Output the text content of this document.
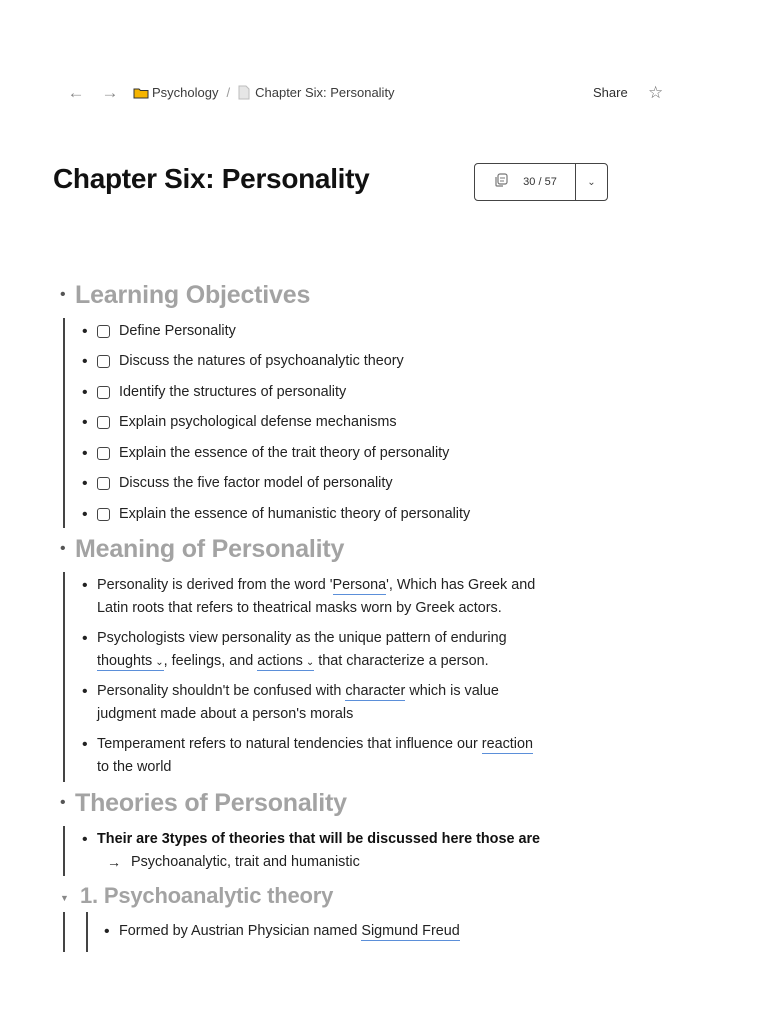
← →	Psychology / Chapter Six: Personality	Share ☆
Chapter Six: Personality	30 / 57	⌄
• Learning Objectives
• Define Personality
• Discuss the natures of psychoanalytic theory
• Identify the structures of personality
• Explain psychological defense mechanisms
• Explain the essence of the trait theory of personality
• Discuss the five factor model of personality
• Explain the essence of humanistic theory of personality
• Meaning of Personality
• Personality is derived from the word 'Persona', Which has Greek and
Latin roots that refers to theatrical masks worn by Greek actors.
• Psychologists view personality as the unique pattern of enduring
thoughts ⌄, feelings, and actions ⌄ that characterize a person.
• Personality shouldn't be confused with character which is value
judgment made about a person's morals
• Temperament refers to natural tendencies that influence our reaction
to the world
• Theories of Personality
• Their are 3types of theories that will be discussed here those are
→ Psychoanalytic, trait and humanistic
▼ 1. Psychoanalytic theory
• Formed by Austrian Physician named Sigmund Freud
